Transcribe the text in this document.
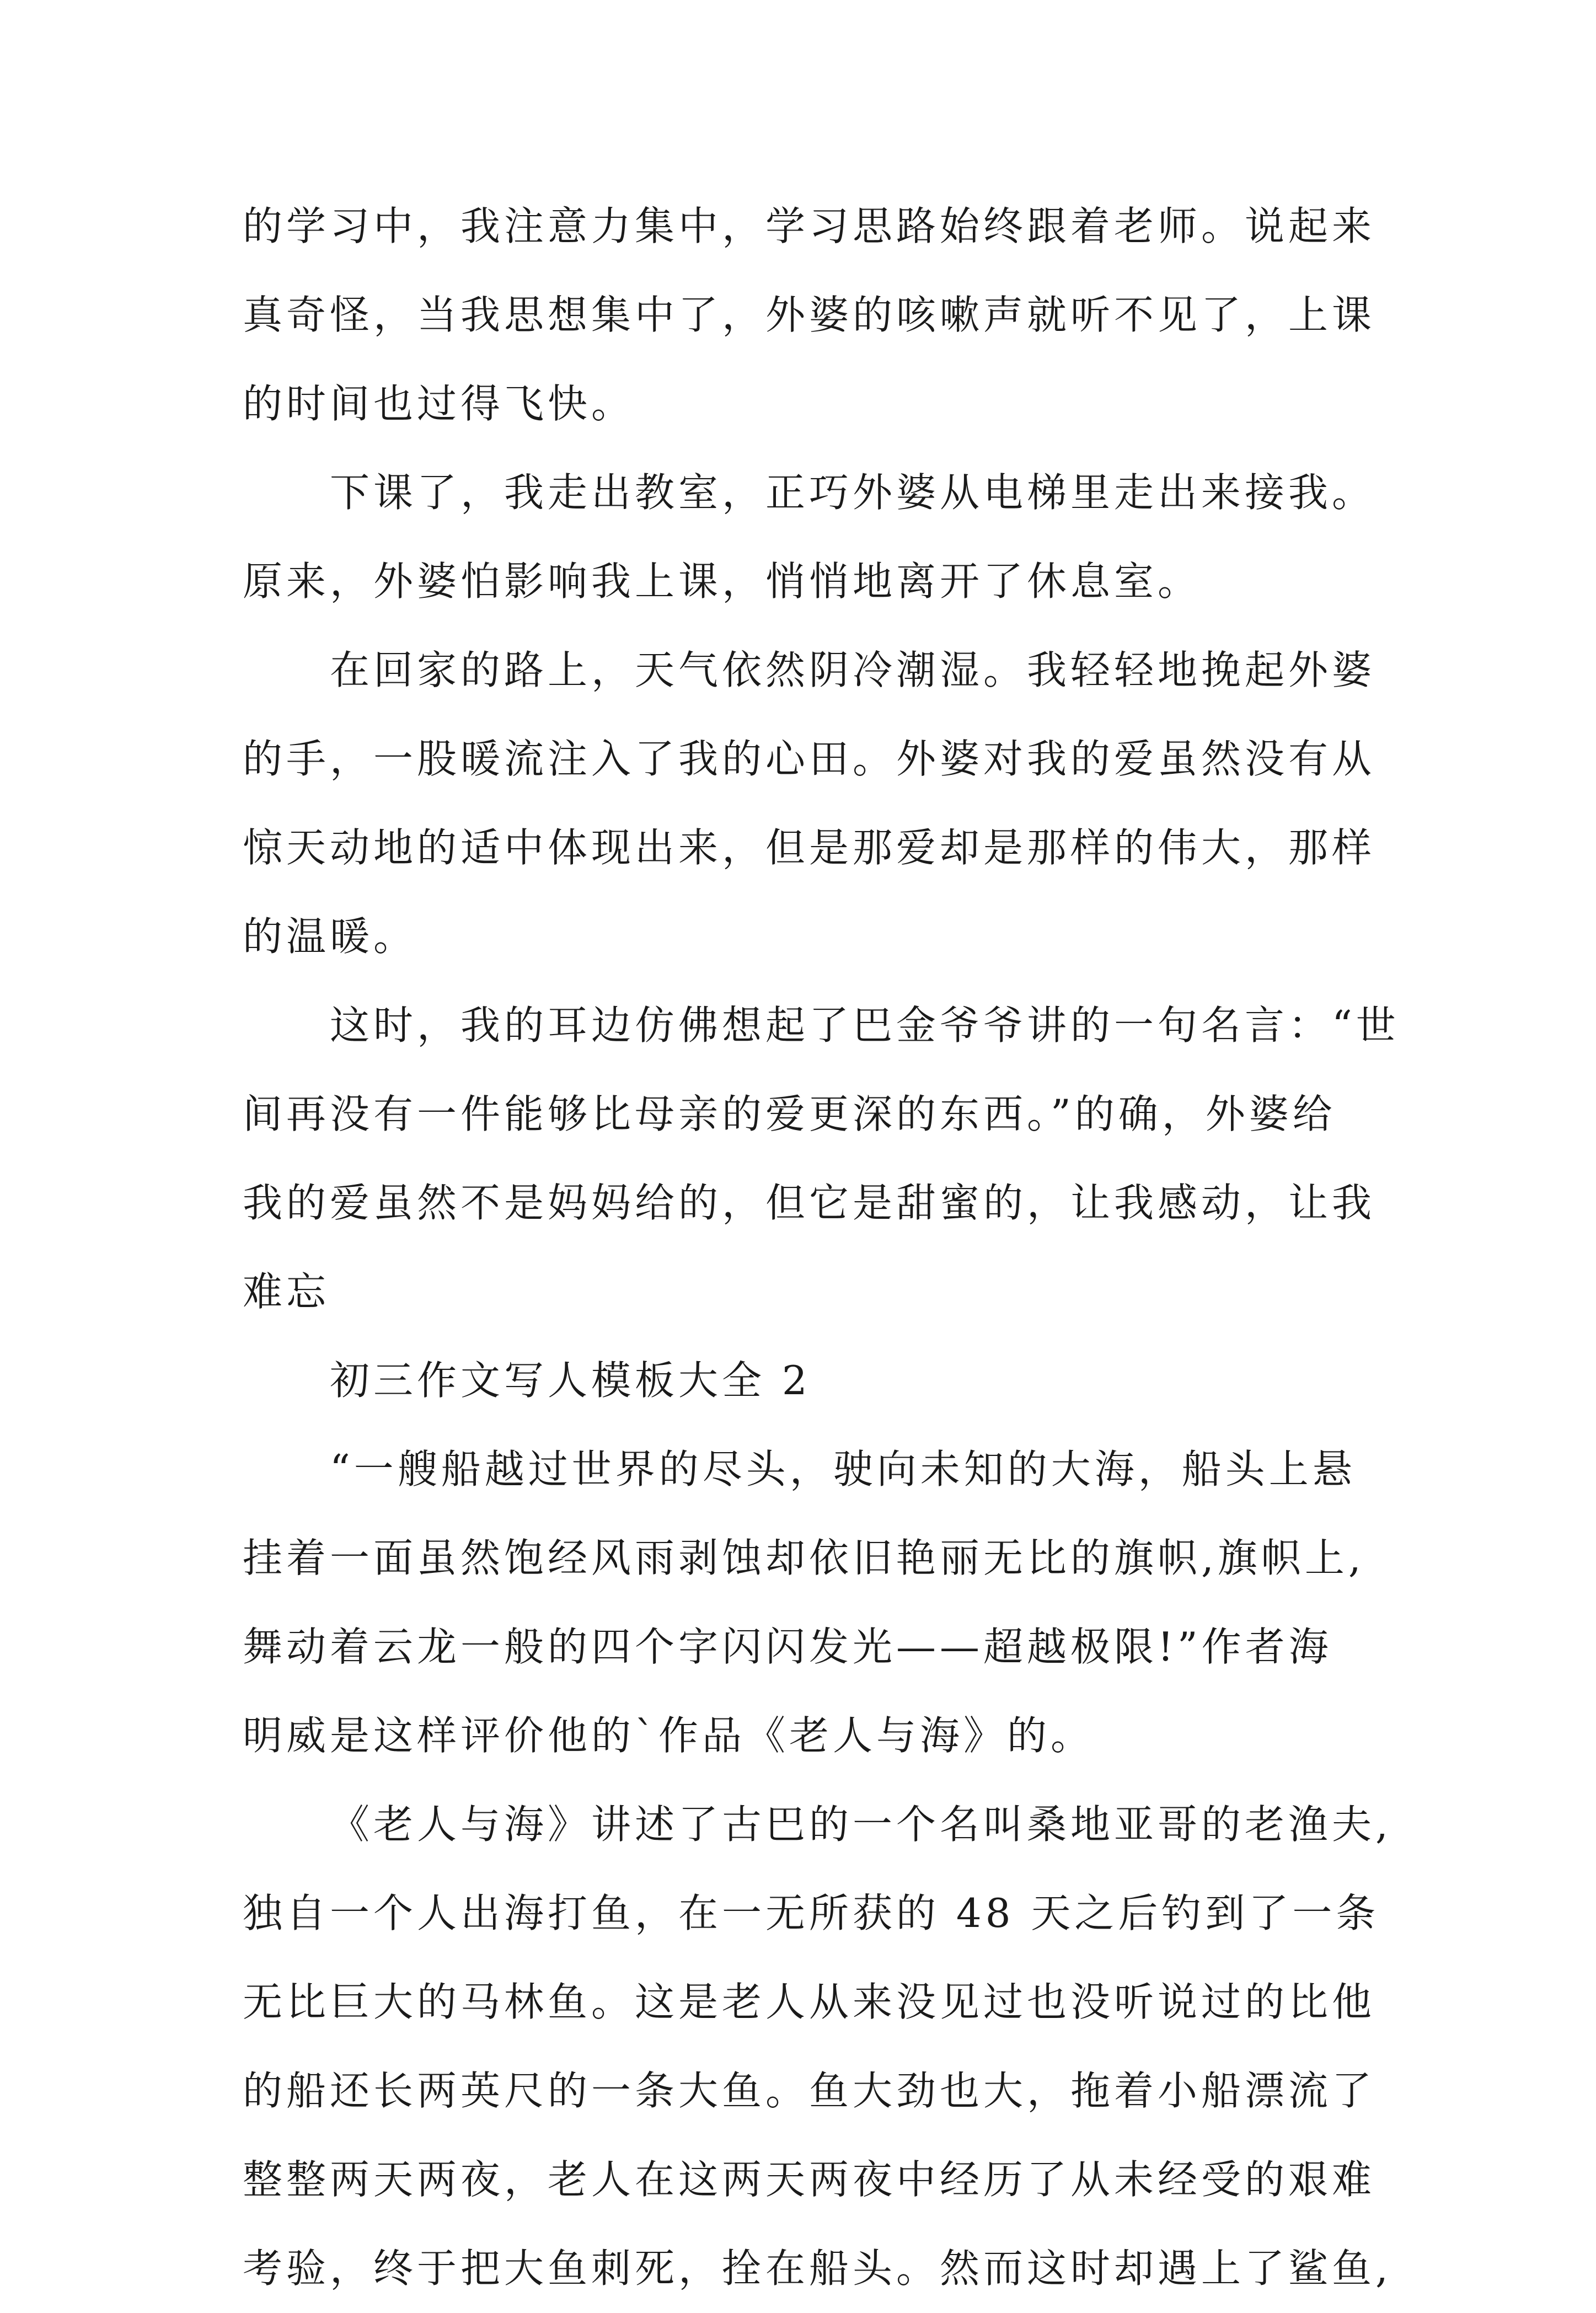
的学习中，我注意力集中，学习思路始终跟着老师。说起来
真奇怪，当我思想集中了，外婆的咳嗽声就听不见了，上课
的时间也过得飞快。
下课了，我走出教室，正巧外婆从电梯里走出来接我。
原来，外婆怕影响我上课，悄悄地离开了休息室。
在回家的路上，天气依然阴冷潮湿。我轻轻地挽起外婆
的手，一股暖流注入了我的心田。外婆对我的爱虽然没有从
惊天动地的适中体现出来，但是那爱却是那样的伟大，那样
的温暖。
这时，我的耳边仿佛想起了巴金爷爷讲的一句名言：“世
间再没有一件能够比母亲的爱更深的东西。”的确，外婆给
我的爱虽然不是妈妈给的，但它是甜蜜的，让我感动，让我
难忘
初三作文写人模板大全 2
“一艘船越过世界的尽头，驶向未知的大海，船头上悬
挂着一面虽然饱经风雨剥蚀却依旧艳丽无比的旗帜,旗帜上,
舞动着云龙一般的四个字闪闪发光——超越极限!”作者海
明威是这样评价他的`作品《老人与海》的。
《老人与海》讲述了古巴的一个名叫桑地亚哥的老渔夫,
独自一个人出海打鱼，在一无所获的 48 天之后钓到了一条
无比巨大的马林鱼。这是老人从来没见过也没听说过的比他
的船还长两英尺的一条大鱼。鱼大劲也大，拖着小船漂流了
整整两天两夜，老人在这两天两夜中经历了从未经受的艰难
考验，终于把大鱼刺死，拴在船头。然而这时却遇上了鲨鱼,
